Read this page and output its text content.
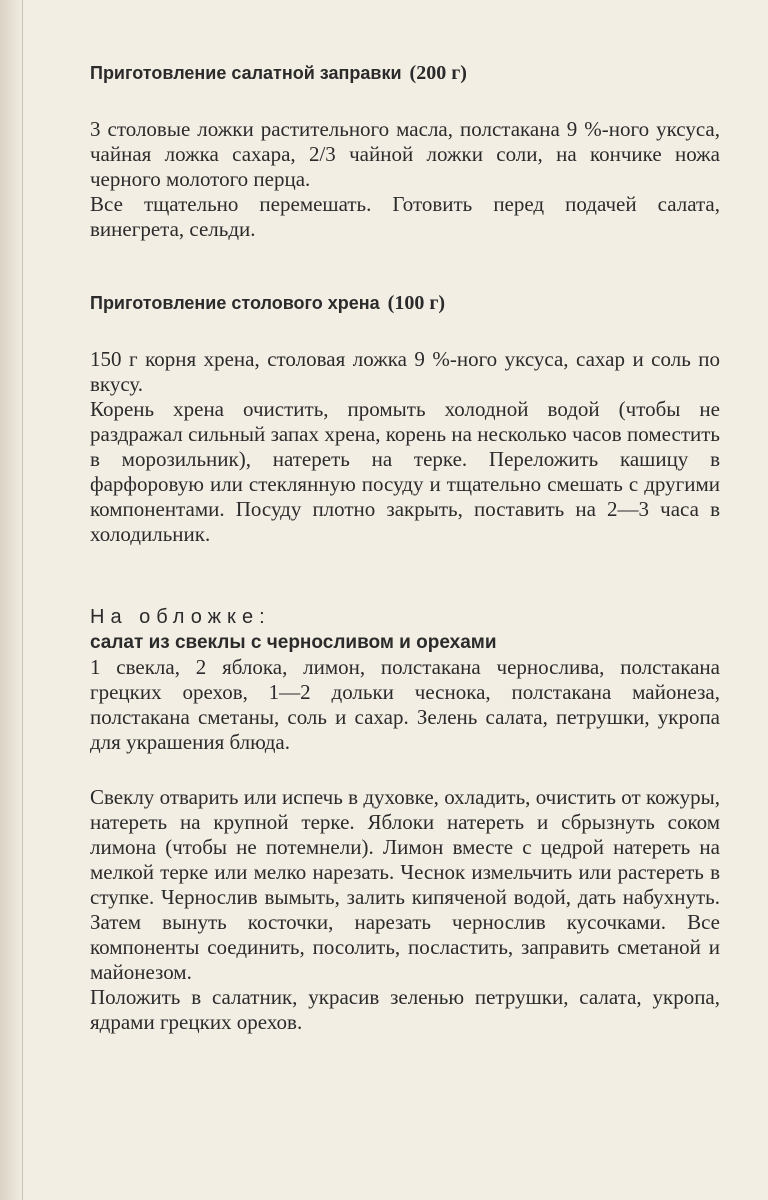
Приготовление салатной заправки (200 г)

3 столовые ложки растительного масла, полстакана 9 %-ного уксуса, чайная ложка сахара, 2/3 чайной ложки соли, на кончике ножа черного молотого перца.

Все тщательно перемешать. Готовить перед подачей салата, винегрета, сельди.

Приготовление столового хрена (100 г)

150 г корня хрена, столовая ложка 9 %-ного уксуса, сахар и соль по вкусу.

Корень хрена очистить, промыть холодной водой (чтобы не раздражал сильный запах хрена, корень на несколько часов поместить в морозильник), натереть на терке. Переложить кашицу в фарфоровую или стеклянную посуду и тщательно смешать с другими компонентами. Посуду плотно закрыть, поставить на 2—3 часа в холодильник.

На обложке:

салат из свеклы с черносливом и орехами

1 свекла, 2 яблока, лимон, полстакана чернослива, полстакана грецких орехов, 1—2 дольки чеснока, полстакана майонеза, полстакана сметаны, соль и сахар. Зелень салата, петрушки, укропа для украшения блюда.

Свеклу отварить или испечь в духовке, охладить, очистить от кожуры, натереть на крупной терке. Яблоки натереть и сбрызнуть соком лимона (чтобы не потемнели). Лимон вместе с цедрой натереть на мелкой терке или мелко нарезать. Чеснок измельчить или растереть в ступке. Чернослив вымыть, залить кипяченой водой, дать набухнуть. Затем вынуть косточки, нарезать чернослив кусочками. Все компоненты соединить, посолить, посластить, заправить сметаной и майонезом.

Положить в салатник, украсив зеленью петрушки, салата, укропа, ядрами грецких орехов.
